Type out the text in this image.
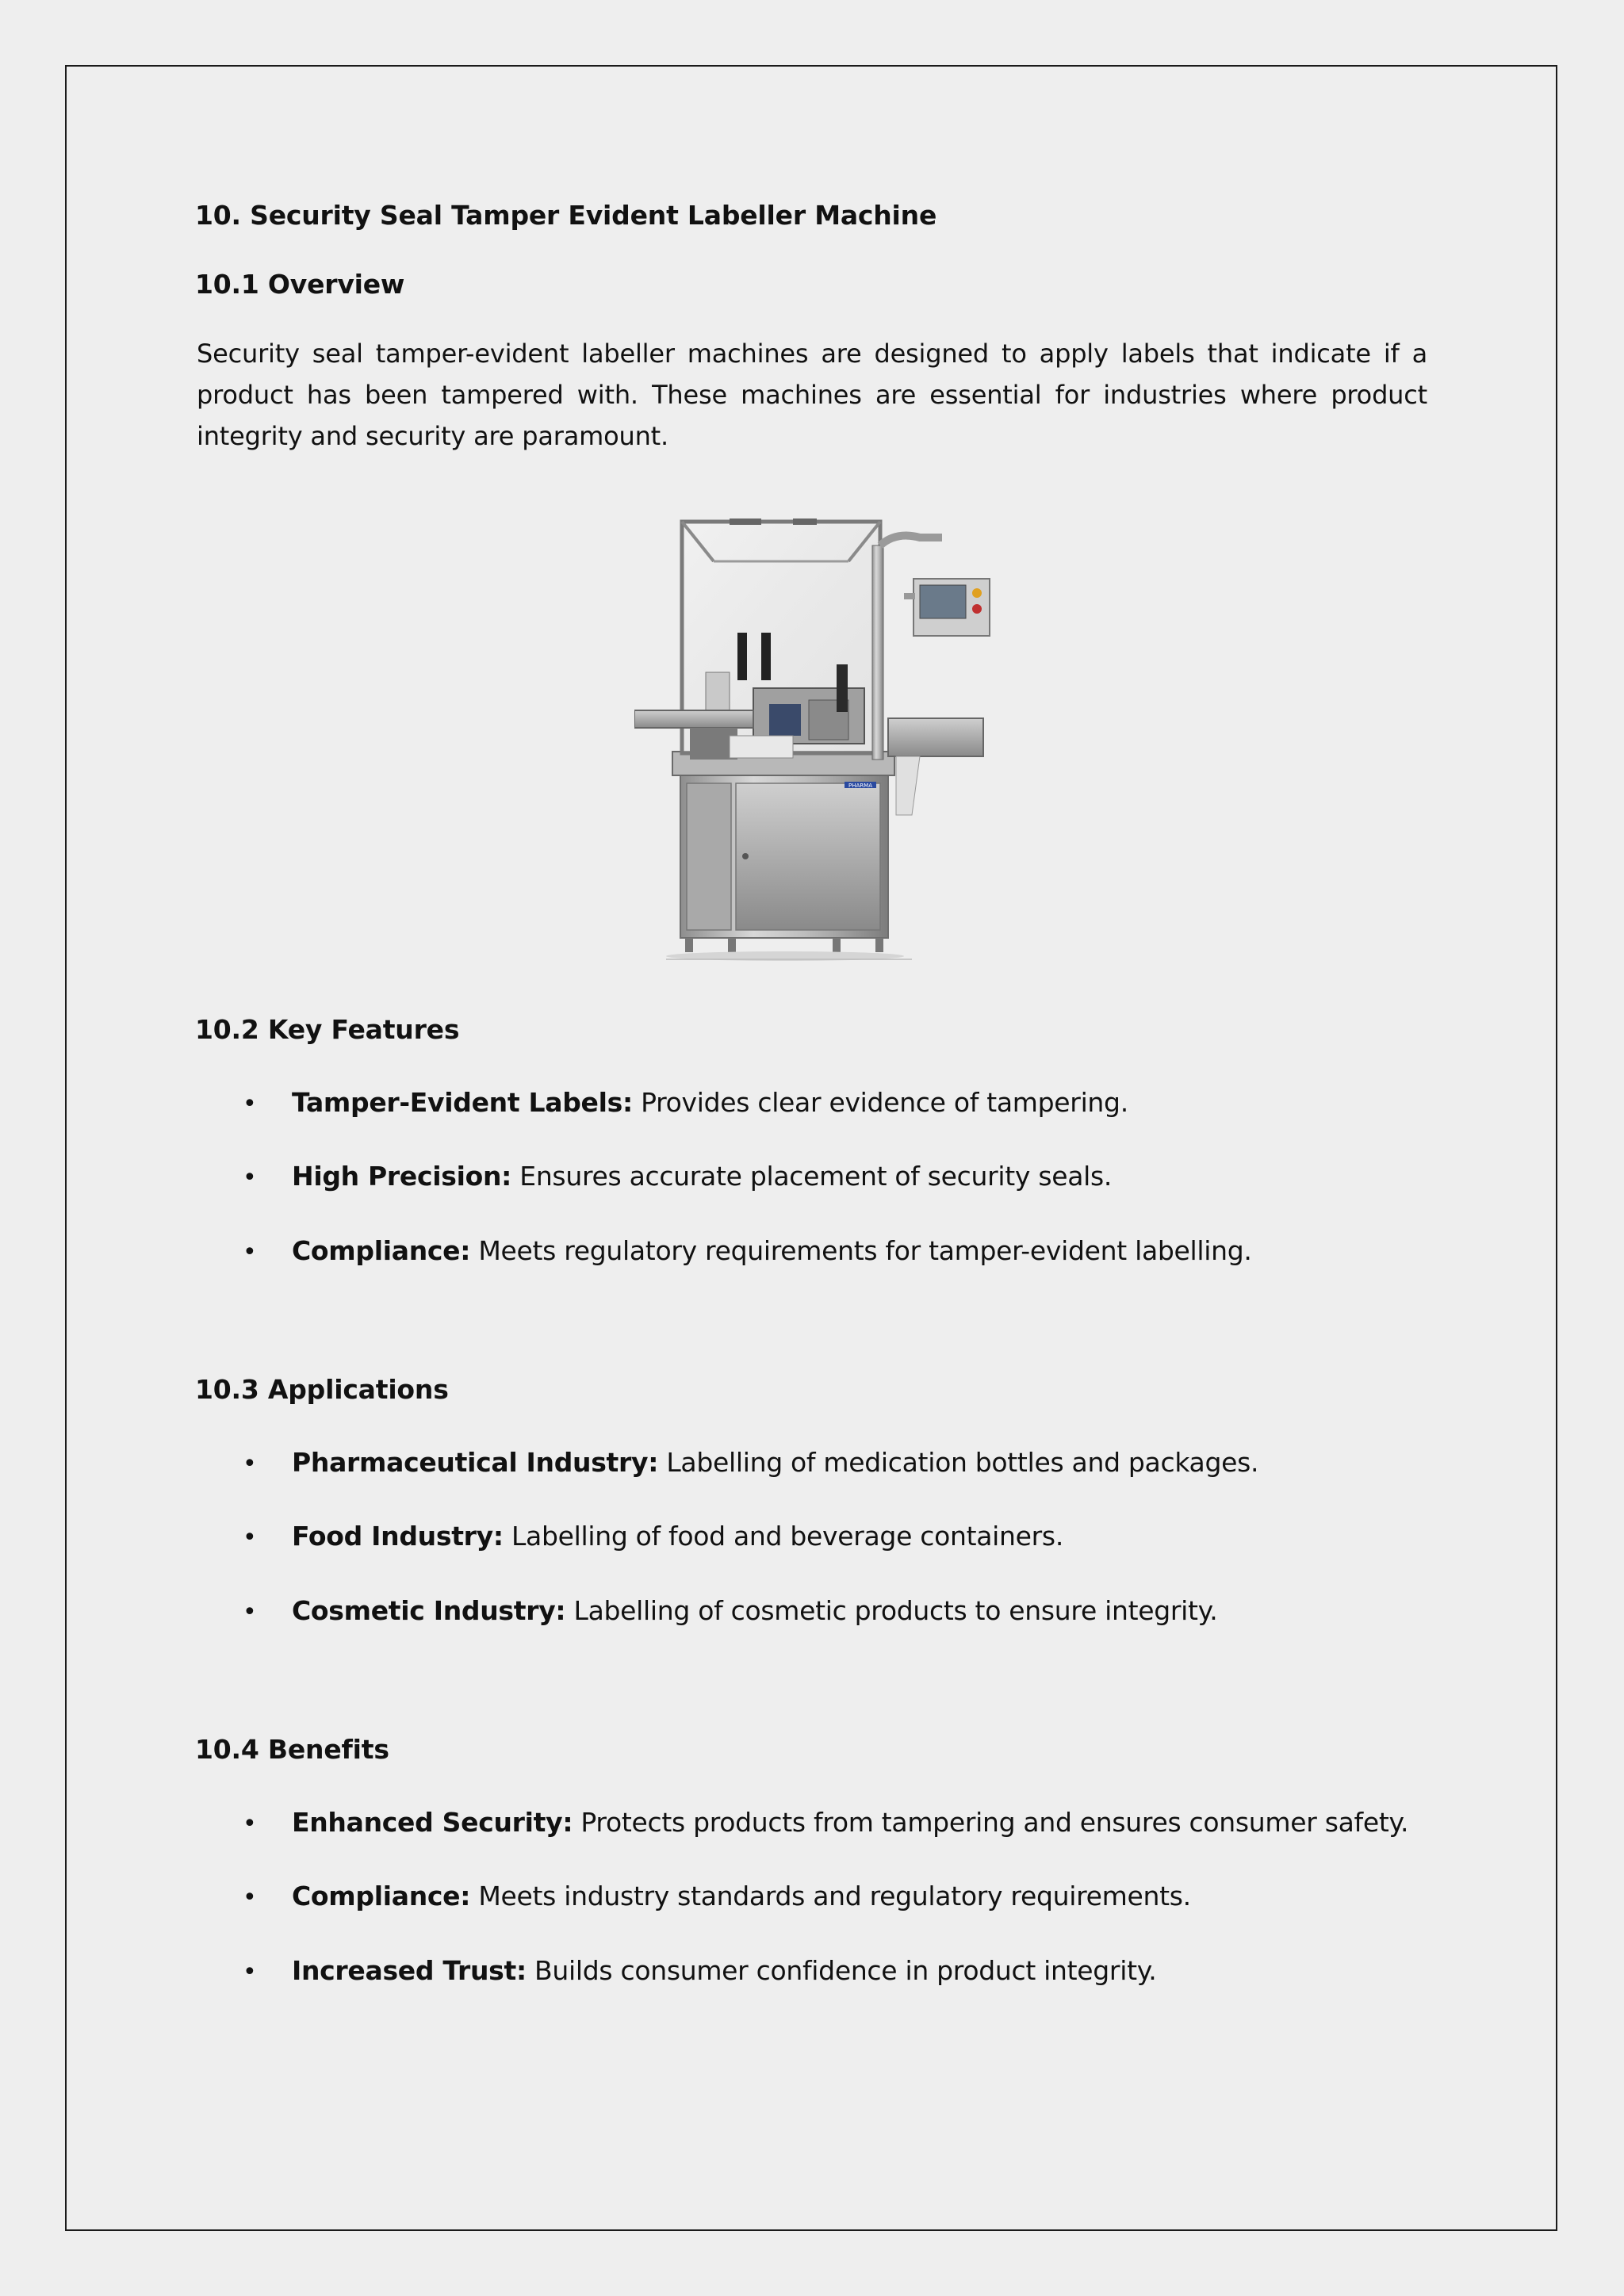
10. Security Seal Tamper Evident Labeller Machine
10.1 Overview
Security seal tamper-evident labeller machines are designed to apply labels that indicate if a product has been tampered with. These machines are essential for industries where product integrity and security are paramount.
PHARMA
10.2 Key Features
• Tamper-Evident Labels: Provides clear evidence of tampering.
• High Precision: Ensures accurate placement of security seals.
• Compliance: Meets regulatory requirements for tamper-evident labelling.
10.3 Applications
• Pharmaceutical Industry: Labelling of medication bottles and packages.
• Food Industry: Labelling of food and beverage containers.
• Cosmetic Industry: Labelling of cosmetic products to ensure integrity.
10.4 Benefits
• Enhanced Security: Protects products from tampering and ensures consumer safety.
• Compliance: Meets industry standards and regulatory requirements.
• Increased Trust: Builds consumer confidence in product integrity.
